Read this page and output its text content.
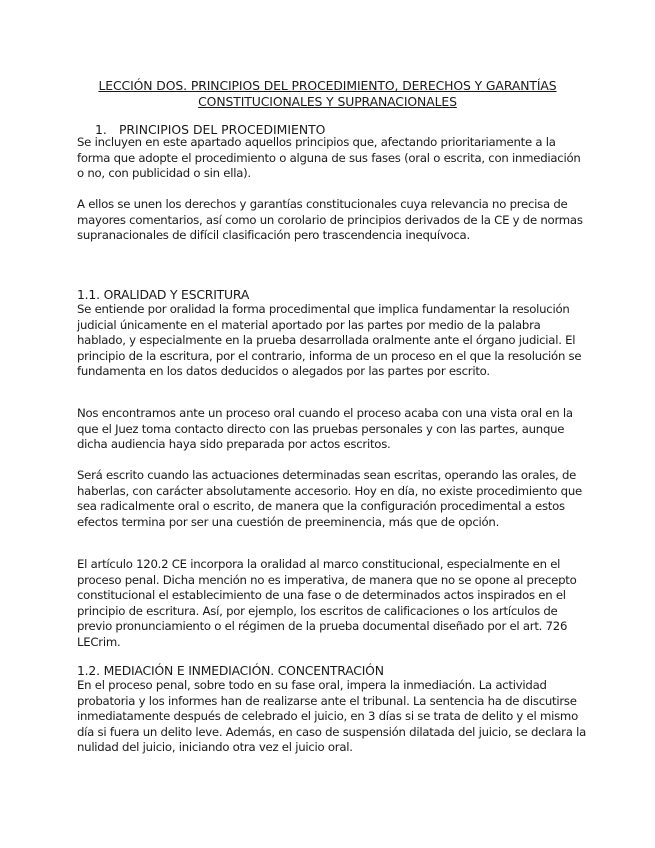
LECCIÓN DOS. PRINCIPIOS DEL PROCEDIMIENTO, DERECHOS Y GARANTÍAS
CONSTITUCIONALES Y SUPRANACIONALES
1. PRINCIPIOS DEL PROCEDIMIENTO

Se incluyen en este apartado aquellos principios que, afectando prioritariamente a la forma que adopte el procedimiento o alguna de sus fases (oral o escrita, con inmediación o no, con publicidad o sin ella).

A ellos se unen los derechos y garantías constitucionales cuya relevancia no precisa de mayores comentarios, así como un corolario de principios derivados de la CE y de normas supranacionales de difícil clasificación pero trascendencia inequívoca.

1.1. ORALIDAD Y ESCRITURA

Se entiende por oralidad la forma procedimental que implica fundamentar la resolución judicial únicamente en el material aportado por las partes por medio de la palabra hablado, y especialmente en la prueba desarrollada oralmente ante el órgano judicial. El principio de la escritura, por el contrario, informa de un proceso en el que la resolución se fundamenta en los datos deducidos o alegados por las partes por escrito.

Nos encontramos ante un proceso oral cuando el proceso acaba con una vista oral en la que el Juez toma contacto directo con las pruebas personales y con las partes, aunque dicha audiencia haya sido preparada por actos escritos.

Será escrito cuando las actuaciones determinadas sean escritas, operando las orales, de haberlas, con carácter absolutamente accesorio. Hoy en día, no existe procedimiento que sea radicalmente oral o escrito, de manera que la configuración procedimental a estos efectos termina por ser una cuestión de preeminencia, más que de opción.

El artículo 120.2 CE incorpora la oralidad al marco constitucional, especialmente en el proceso penal. Dicha mención no es imperativa, de manera que no se opone al precepto constitucional el establecimiento de una fase o de determinados actos inspirados en el principio de escritura. Así, por ejemplo, los escritos de calificaciones o los artículos de previo pronunciamiento o el régimen de la prueba documental diseñado por el art. 726 LECrim.

1.2. MEDIACIÓN E INMEDIACIÓN. CONCENTRACIÓN

En el proceso penal, sobre todo en su fase oral, impera la inmediación. La actividad probatoria y los informes han de realizarse ante el tribunal. La sentencia ha de discutirse inmediatamente después de celebrado el juicio, en 3 días si se trata de delito y el mismo día si fuera un delito leve. Además, en caso de suspensión dilatada del juicio, se declara la nulidad del juicio, iniciando otra vez el juicio oral.
